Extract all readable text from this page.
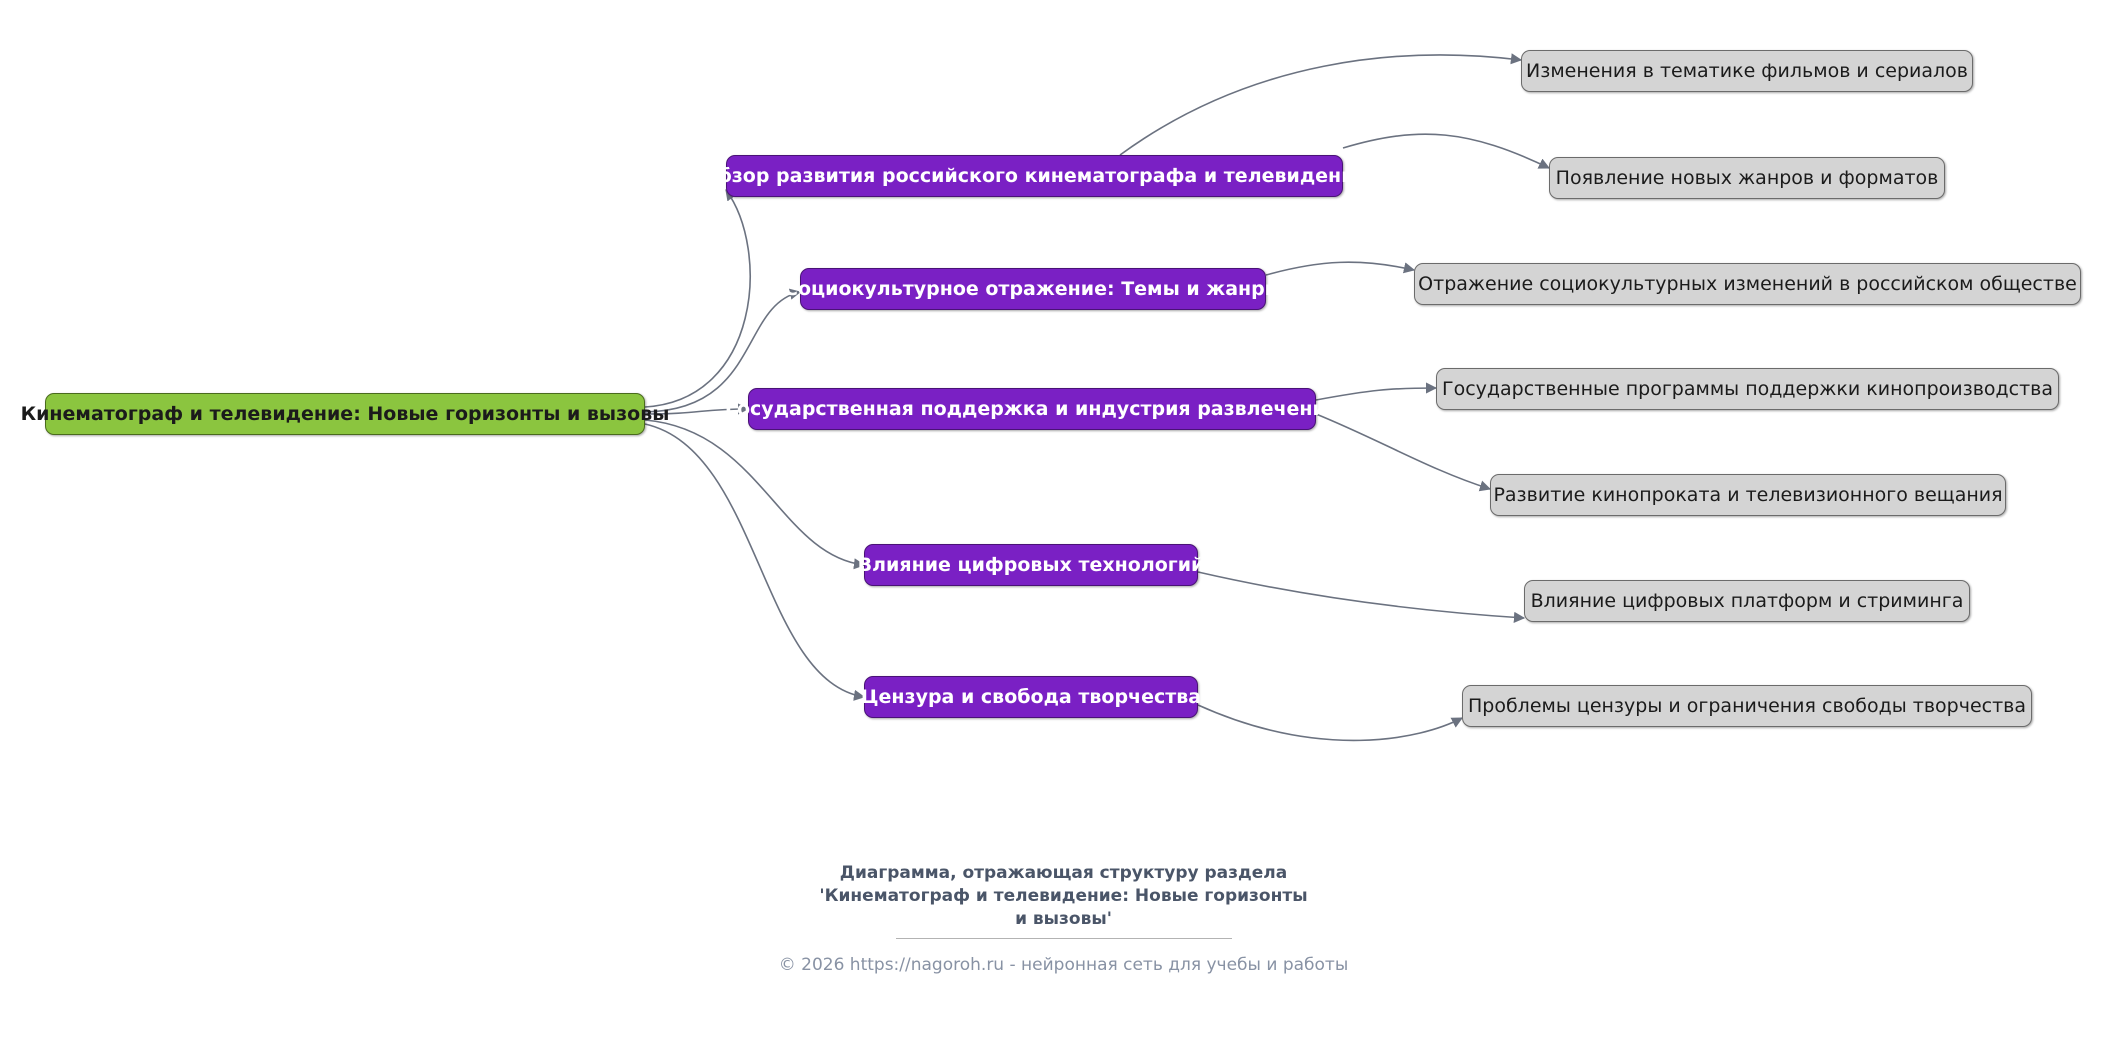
Кинематограф и телевидение: Новые горизонты и вызовы
Обзор развития российского кинематографа и телевидения
Социокультурное отражение: Темы и жанры
Государственная поддержка и индустрия развлечений
Влияние цифровых технологий
Цензура и свобода творчества
Изменения в тематике фильмов и сериалов
Появление новых жанров и форматов
Отражение социокультурных изменений в российском обществе
Государственные программы поддержки кинопроизводства
Развитие кинопроката и телевизионного вещания
Влияние цифровых платформ и стриминга
Проблемы цензуры и ограничения свободы творчества
Диаграмма, отражающая структуру раздела
'Кинематограф и телевидение: Новые горизонты
и вызовы'
© 2026 https://nagoroh.ru - нейронная сеть для учебы и работы
